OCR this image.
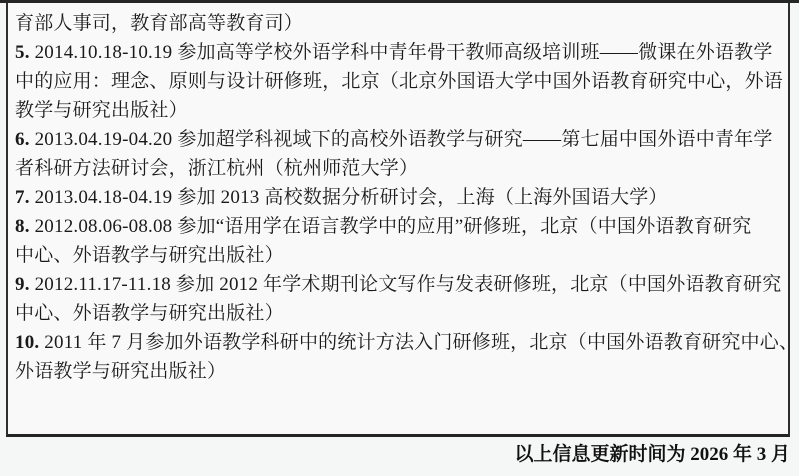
育部人事司，教育部高等教育司）
5. 2014.10.18-10.19 参加高等学校外语学科中青年骨干教师高级培训班——微课在外语教学
中的应用：理念、原则与设计研修班，北京（北京外国语大学中国外语教育研究中心，外语
教学与研究出版社）
6. 2013.04.19-04.20 参加超学科视域下的高校外语教学与研究——第七届中国外语中青年学
者科研方法研讨会，浙江杭州（杭州师范大学）
7. 2013.04.18-04.19 参加 2013 高校数据分析研讨会，上海（上海外国语大学）
8. 2012.08.06-08.08 参加“语用学在语言教学中的应用”研修班，北京（中国外语教育研究
中心、外语教学与研究出版社）
9. 2012.11.17-11.18 参加 2012 年学术期刊论文写作与发表研修班，北京（中国外语教育研究
中心、外语教学与研究出版社）
10. 2011 年 7 月参加外语教学科研中的统计方法入门研修班，北京（中国外语教育研究中心、
外语教学与研究出版社）
以上信息更新时间为 2026 年 3 月
